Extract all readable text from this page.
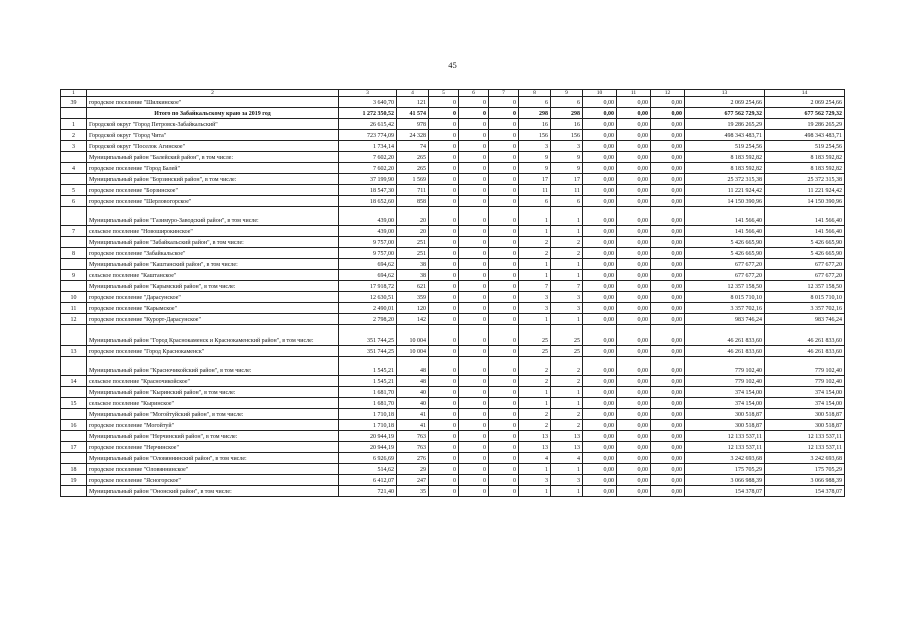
45
1	2	3	4	5	6	7	8	9	10	11	12	13	14
39	городское поселение "Шилкинское"	3 640,70	121	0	0	0	6	6	0,00	0,00	0,00	2 069 254,66	2 069 254,66
	Итого по Забайкальскому краю за 2019 год	1 272 350,52	41 574	0	0	0	298	298	0,00	0,00	0,00	677 562 729,32	677 562 729,32
1	Городской округ "Город Петровск-Забайкальский"	26 615,42	978	0	0	0	16	16	0,00	0,00	0,00	19 286 265,29	19 286 265,29
2	Городской округ "Город Чита"	723 774,09	24 328	0	0	0	156	156	0,00	0,00	0,00	498 343 483,71	498 343 483,71
3	Городской округ "Поселок Агинское"	1 734,14	74	0	0	0	3	3	0,00	0,00	0,00	519 254,56	519 254,56
	Муниципальный район "Балейский район", в том числе:	7 602,20	265	0	0	0	9	9	0,00	0,00	0,00	8 183 592,82	8 183 592,82
4	городское поселение "Город Балей"	7 602,20	265	0	0	0	9	9	0,00	0,00	0,00	8 183 592,82	8 183 592,82
	Муниципальный район "Борзинский район", в том числе:	37 199,90	1 569	0	0	0	17	17	0,00	0,00	0,00	25 372 315,38	25 372 315,38
5	городское поселение "Борзинское"	18 547,30	711	0	0	0	11	11	0,00	0,00	0,00	11 221 924,42	11 221 924,42
6	городское поселение "Шерловогорское"	18 652,60	858	0	0	0	6	6	0,00	0,00	0,00	14 150 390,96	14 150 390,96
	Муниципальный район "Газимуро-Заводский район", в том числе:	439,00	20	0	0	0	1	1	0,00	0,00	0,00	141 566,40	141 566,40
7	сельское поселение "Новоширокинское"	439,00	20	0	0	0	1	1	0,00	0,00	0,00	141 566,40	141 566,40
	Муниципальный район "Забайкальский район", в том числе:	9 757,00	251	0	0	0	2	2	0,00	0,00	0,00	5 426 665,90	5 426 665,90
8	городское поселение "Забайкальское"	9 757,00	251	0	0	0	2	2	0,00	0,00	0,00	5 426 665,90	5 426 665,90
	Муниципальный район "Каштанский район", в том числе:	694,62	38	0	0	0	1	1	0,00	0,00	0,00	677 677,20	677 677,20
9	сельское поселение "Каштанское"	694,62	38	0	0	0	1	1	0,00	0,00	0,00	677 677,20	677 677,20
	Муниципальный район "Карымский район", в том числе:	17 918,72	621	0	0	0	7	7	0,00	0,00	0,00	12 357 158,50	12 357 158,50
10	городское поселение "Дарасунское"	12 630,51	359	0	0	0	3	3	0,00	0,00	0,00	8 015 710,10	8 015 710,10
11	городское поселение "Карымское"	2 490,01	120	0	0	0	3	3	0,00	0,00	0,00	3 357 702,16	3 357 702,16
12	городское поселение "Курорт-Дарасунское"	2 798,20	142	0	0	0	1	1	0,00	0,00	0,00	983 746,24	983 746,24
	Муниципальный район "Город Краснокаменск и Краснокаменский район", в том числе:	351 744,25	10 004	0	0	0	25	25	0,00	0,00	0,00	46 261 833,60	46 261 833,60
13	городское поселение "Город Краснокаменск"	351 744,25	10 004	0	0	0	25	25	0,00	0,00	0,00	46 261 833,60	46 261 833,60
	Муниципальный район "Красночикойский район", в том числе:	1 545,21	48	0	0	0	2	2	0,00	0,00	0,00	779 102,40	779 102,40
14	сельское поселение "Красночикойское"	1 545,21	48	0	0	0	2	2	0,00	0,00	0,00	779 102,40	779 102,40
	Муниципальный район "Кыринский район", в том числе:	1 681,70	40	0	0	0	1	1	0,00	0,00	0,00	374 154,00	374 154,00
15	сельское поселение "Кыринское"	1 681,70	40	0	0	0	1	1	0,00	0,00	0,00	374 154,00	374 154,00
	Муниципальный район "Могойтуйский район", в том числе:	1 710,18	41	0	0	0	2	2	0,00	0,00	0,00	300 518,87	300 518,87
16	городское поселение "Могойтуй"	1 710,18	41	0	0	0	2	2	0,00	0,00	0,00	300 518,87	300 518,87
	Муниципальный район "Нерчинский район", в том числе:	20 944,19	763	0	0	0	13	13	0,00	0,00	0,00	12 133 537,11	12 133 537,11
17	городское поселение "Нерчинское"	20 944,19	763	0	0	0	13	13	0,00	0,00	0,00	12 133 537,11	12 133 537,11
	Муниципальный район "Оловяннинский район", в том числе:	6 926,69	276	0	0	0	4	4	0,00	0,00	0,00	3 242 693,68	3 242 693,68
18	городское поселение "Оловяннинское"	514,62	29	0	0	0	1	1	0,00	0,00	0,00	175 705,29	175 705,29
19	городское поселение "Ясногорское"	6 412,07	247	0	0	0	3	3	0,00	0,00	0,00	3 066 988,39	3 066 988,39
	Муниципальный район "Ононский район", в том числе:	721,40	35	0	0	0	1	1	0,00	0,00	0,00	154 378,07	154 378,07
